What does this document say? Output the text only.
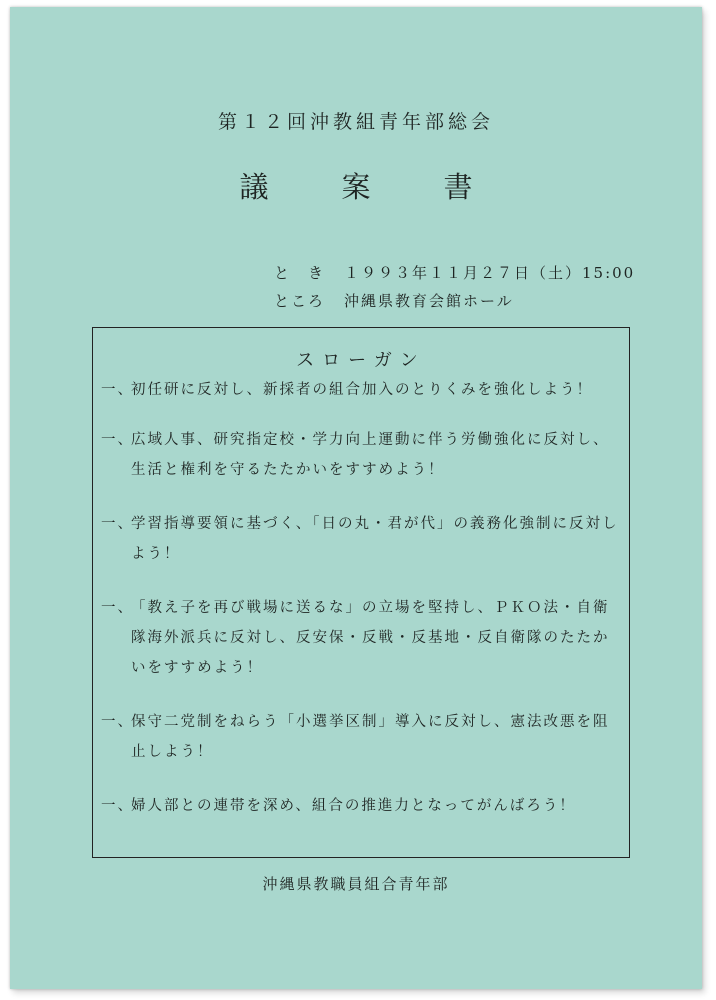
第１２回沖教組青年部総会
議　案　書
と　き １９９３年１１月２７日（土）15:00
ところ 沖縄県教育会館ホール
スローガン
一、
初任研に反対し、新採者の組合加入のとりくみを強化しよう！
一、
広域人事、研究指定校・学力向上運動に伴う労働強化に反対し、生活と権利を守るたたかいをすすめよう！
一、
学習指導要領に基づく、「日の丸・君が代」の義務化強制に反対しよう！
一、
「教え子を再び戦場に送るな」の立場を堅持し、ＰＫＯ法・自衛隊海外派兵に反対し、反安保・反戦・反基地・反自衛隊のたたかいをすすめよう！
一、
保守二党制をねらう「小選挙区制」導入に反対し、憲法改悪を阻止しよう！
一、
婦人部との連帯を深め、組合の推進力となってがんばろう！
沖縄県教職員組合青年部
